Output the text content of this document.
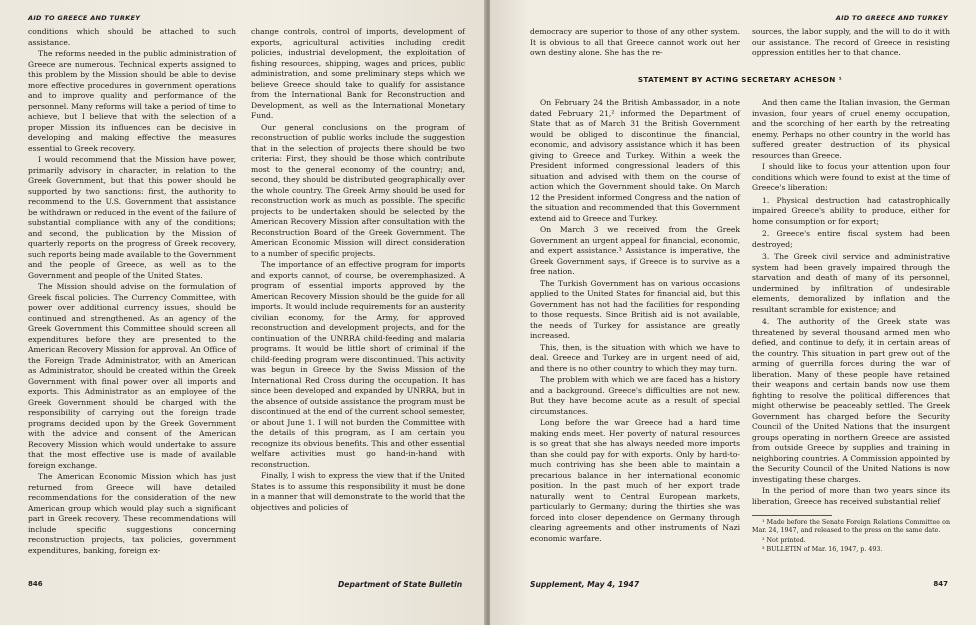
AID TO GREECE AND TURKEY

conditions which should be attached to such assistance.

The reforms needed in the public administration of Greece are numerous. Technical experts assigned to this problem by the Mission should be able to devise more effective procedures in government operations and to improve quality and performance of the personnel. Many reforms will take a period of time to achieve, but I believe that with the selection of a proper Mission its influences can be decisive in developing and making effective the measures essential to Greek recovery.

I would recommend that the Mission have power, primarily advisory in character, in relation to the Greek Government, but that this power should be supported by two sanctions: first, the authority to recommend to the U.S. Government that assistance be withdrawn or reduced in the event of the failure of substantial compliance with any of the conditions; and second, the publication by the Mission of quarterly reports on the progress of Greek recovery, such reports being made available to the Government and the people of Greece, as well as to the Government and people of the United States.

The Mission should advise on the formulation of Greek fiscal policies. The Currency Committee, with power over additional currency issues, should be continued and strengthened. As an agency of the Greek Government this Committee should screen all expenditures before they are presented to the American Recovery Mission for approval. An Office of the Foreign Trade Administrator, with an American as Administrator, should be created within the Greek Government with final power over all imports and exports. This Administrator as an employee of the Greek Government should be charged with the responsibility of carrying out the foreign trade programs decided upon by the Greek Government with the advice and consent of the American Recovery Mission which would undertake to assure that the most effective use is made of available foreign exchange.

The American Economic Mission which has just returned from Greece will have detailed recommendations for the consideration of the new American group which would play such a significant part in Greek recovery. These recommendations will include specific suggestions concerning reconstruction projects, tax policies, government expenditures, banking, foreign ex-

change controls, control of imports, development of exports, agricultural activities including credit policies, industrial development, the exploitation of fishing resources, shipping, wages and prices, public administration, and some preliminary steps which we believe Greece should take to qualify for assistance from the International Bank for Reconstruction and Development, as well as the International Monetary Fund.

Our general conclusions on the program of reconstruction of public works include the suggestion that in the selection of projects there should be two criteria: First, they should be those which contribute most to the general economy of the country; and, second, they should be distributed geographically over the whole country. The Greek Army should be used for reconstruction work as much as possible. The specific projects to be undertaken should be selected by the American Recovery Mission after consultation with the Reconstruction Board of the Greek Government. The American Economic Mission will direct consideration to a number of specific projects.

The importance of an effective program for imports and exports cannot, of course, be overemphasized. A program of essential imports approved by the American Recovery Mission should be the guide for all imports. It would include requirements for an austerity civilian economy, for the Army, for approved reconstruction and development projects, and for the continuation of the UNRRA child-feeding and malaria programs. It would be little short of criminal if the child-feeding program were discontinued. This activity was begun in Greece by the Swiss Mission of the International Red Cross during the occupation. It has since been developed and expanded by UNRRA, but in the absence of outside assistance the program must be discontinued at the end of the current school semester, or about June 1. I will not burden the Committee with the details of this program, as I am certain you recognize its obvious benefits. This and other essential welfare activities must go hand-in-hand with reconstruction.

Finally, I wish to express the view that if the United States is to assume this responsibility it must be done in a manner that will demonstrate to the world that the objectives and policies of

846	Department of State Bulletin
AID TO GREECE AND TURKEY

democracy are superior to those of any other system. It is obvious to all that Greece cannot work out her own destiny alone. She has the re-

sources, the labor supply, and the will to do it with our assistance. The record of Greece in resisting oppression entitles her to that chance.

STATEMENT BY ACTING SECRETARY ACHESON ¹

On February 24 the British Ambassador, in a note dated February 21,² informed the Department of State that as of March 31 the British Government would be obliged to discontinue the financial, economic, and advisory assistance which it has been giving to Greece and Turkey. Within a week the President informed congressional leaders of this situation and advised with them on the course of action which the Government should take. On March 12 the President informed Congress and the nation of the situation and recommended that this Government extend aid to Greece and Turkey.

On March 3 we received from the Greek Government an urgent appeal for financial, economic, and expert assistance.³ Assistance is imperative, the Greek Government says, if Greece is to survive as a free nation.

The Turkish Government has on various occasions applied to the United States for financial aid, but this Government has not had the facilities for responding to those requests. Since British aid is not available, the needs of Turkey for assistance are greatly increased.

This, then, is the situation with which we have to deal. Greece and Turkey are in urgent need of aid, and there is no other country to which they may turn.

The problem with which we are faced has a history and a background. Greece's difficulties are not new. But they have become acute as a result of special circumstances.

Long before the war Greece had a hard time making ends meet. Her poverty of natural resources is so great that she has always needed more imports than she could pay for with exports. Only by hard-to-much contriving has she been able to maintain a precarious balance in her international economic position. In the past much of her export trade naturally went to Central European markets, particularly to Germany; during the thirties she was forced into closer dependence on Germany through clearing agreements and other instruments of Nazi economic warfare.

And then came the Italian invasion, the German invasion, four years of cruel enemy occupation, and the scorching of her earth by the retreating enemy. Perhaps no other country in the world has suffered greater destruction of its physical resources than Greece.

I should like to focus your attention upon four conditions which were found to exist at the time of Greece's liberation:

1. Physical destruction had catastrophically impaired Greece's ability to produce, either for home consumption or for export;

2. Greece's entire fiscal system had been destroyed;

3. The Greek civil service and administrative system had been gravely impaired through the starvation and death of many of its personnel, undermined by infiltration of undesirable elements, demoralized by inflation and the resultant scramble for existence; and

4. The authority of the Greek state was threatened by several thousand armed men who defied, and continue to defy, it in certain areas of the country. This situation in part grew out of the arming of guerrilla forces during the war of liberation. Many of these people have retained their weapons and certain bands now use them fighting to resolve the political differences that might otherwise be peaceably settled. The Greek Government has charged before the Security Council of the United Nations that the insurgent groups operating in northern Greece are assisted from outside Greece by supplies and training in neighboring countries. A Commission appointed by the Security Council of the United Nations is now investigating these charges.

In the period of more than two years since its liberation, Greece has received substantial relief

¹ Made before the Senate Foreign Relations Committee on Mar. 24, 1947, and released to the press on the same date.

² Not printed.

³ BULLETIN of Mar. 16, 1947, p. 493.

Supplement, May 4, 1947	847
